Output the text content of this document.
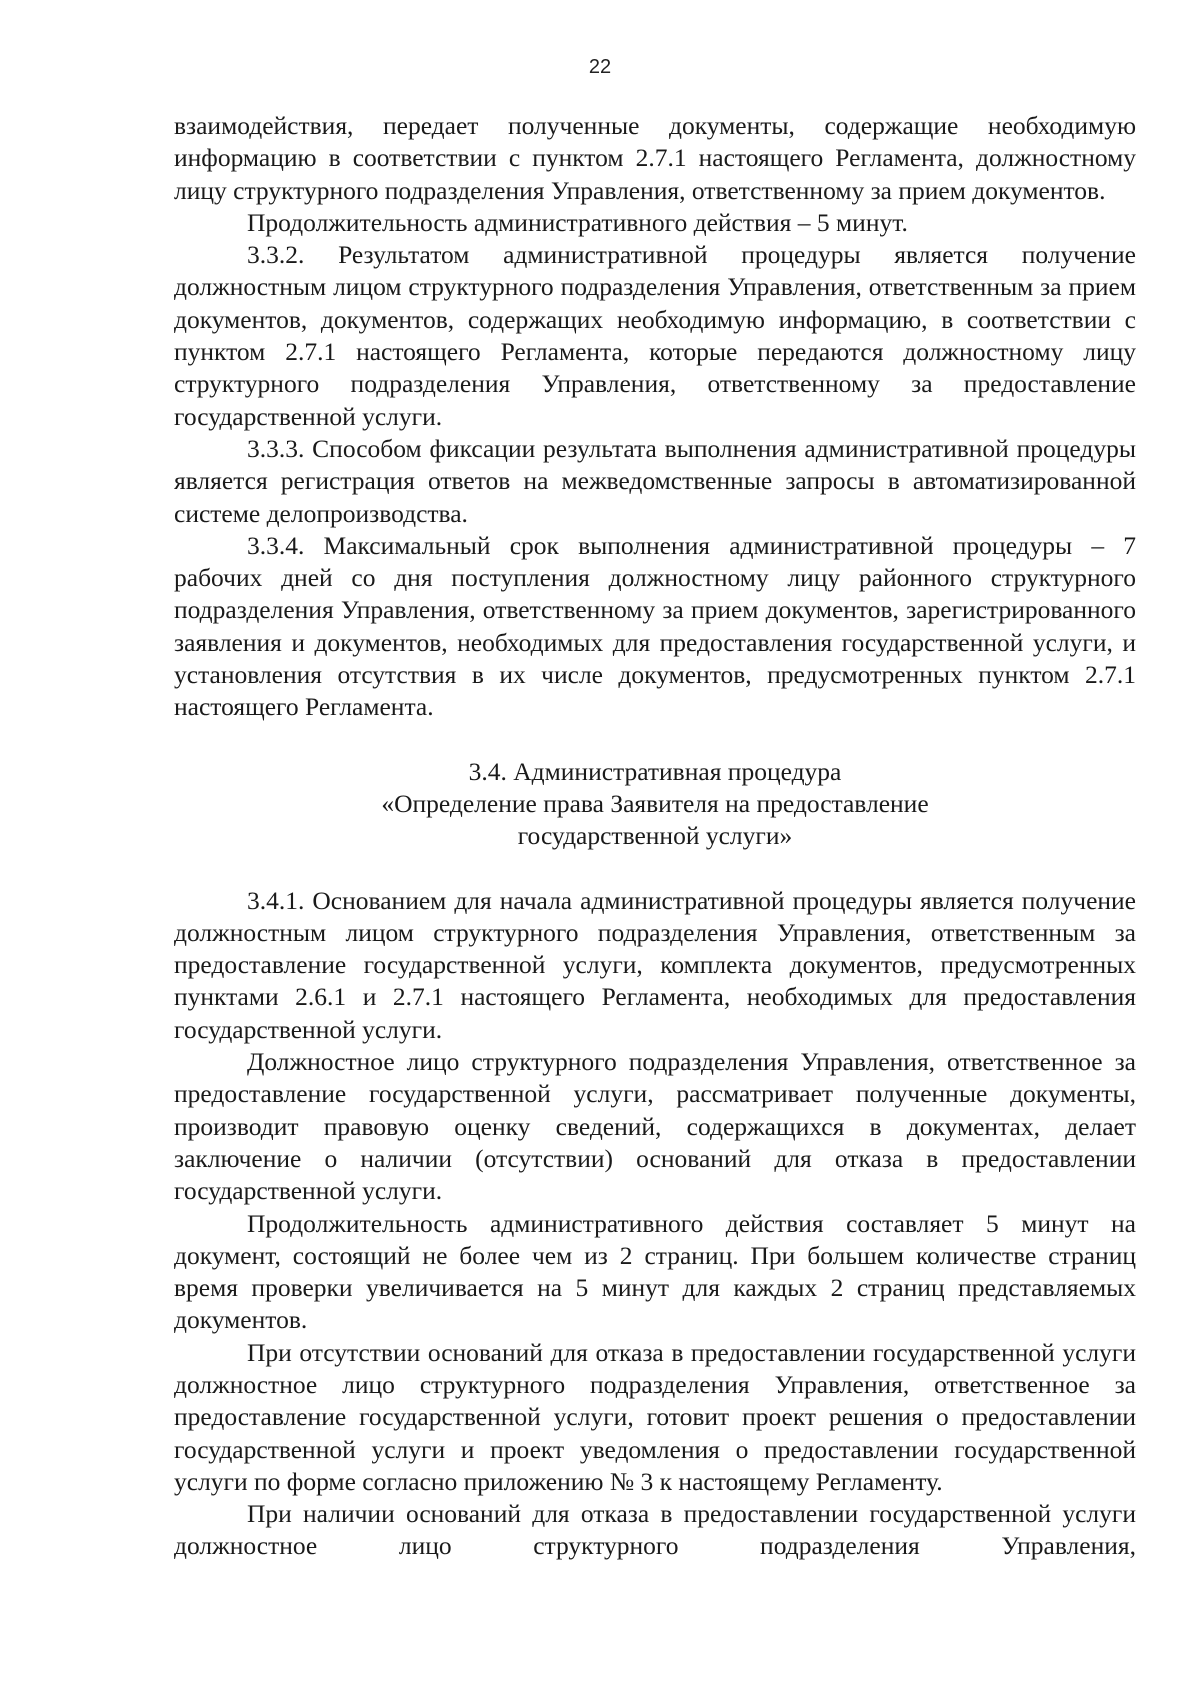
22

взаимодействия, передает полученные документы, содержащие необходимую информацию в соответствии с пунктом 2.7.1 настоящего Регламента, должностному лицу структурного подразделения Управления, ответственному за прием документов.

Продолжительность административного действия – 5 минут.

3.3.2. Результатом административной процедуры является получение должностным лицом структурного подразделения Управления, ответственным за прием документов, документов, содержащих необходимую информацию, в соответствии с пунктом 2.7.1 настоящего Регламента, которые передаются должностному лицу структурного подразделения Управления, ответственному за предоставление государственной услуги.

3.3.3. Способом фиксации результата выполнения административной процедуры является регистрация ответов на межведомственные запросы в автоматизированной системе делопроизводства.

3.3.4. Максимальный срок выполнения административной процедуры – 7 рабочих дней со дня поступления должностному лицу районного структурного подразделения Управления, ответственному за прием документов, зарегистрированного заявления и документов, необходимых для предоставления государственной услуги, и установления отсутствия в их числе документов, предусмотренных пунктом 2.7.1 настоящего Регламента.

3.4. Административная процедура
«Определение права Заявителя на предоставление
государственной услуги»

3.4.1. Основанием для начала административной процедуры является получение должностным лицом структурного подразделения Управления, ответственным за предоставление государственной услуги, комплекта документов, предусмотренных пунктами 2.6.1 и 2.7.1 настоящего Регламента, необходимых для предоставления государственной услуги.

Должностное лицо структурного подразделения Управления, ответственное за предоставление государственной услуги, рассматривает полученные документы, производит правовую оценку сведений, содержащихся в документах, делает заключение о наличии (отсутствии) оснований для отказа в предоставлении государственной услуги.

Продолжительность административного действия составляет 5 минут на документ, состоящий не более чем из 2 страниц. При большем количестве страниц время проверки увеличивается на 5 минут для каждых 2 страниц представляемых документов.

При отсутствии оснований для отказа в предоставлении государственной услуги должностное лицо структурного подразделения Управления, ответственное за предоставление государственной услуги, готовит проект решения о предоставлении государственной услуги и проект уведомления о предоставлении государственной услуги по форме согласно приложению № 3 к настоящему Регламенту.

При наличии оснований для отказа в предоставлении государственной услуги должностное лицо структурного подразделения Управления,
